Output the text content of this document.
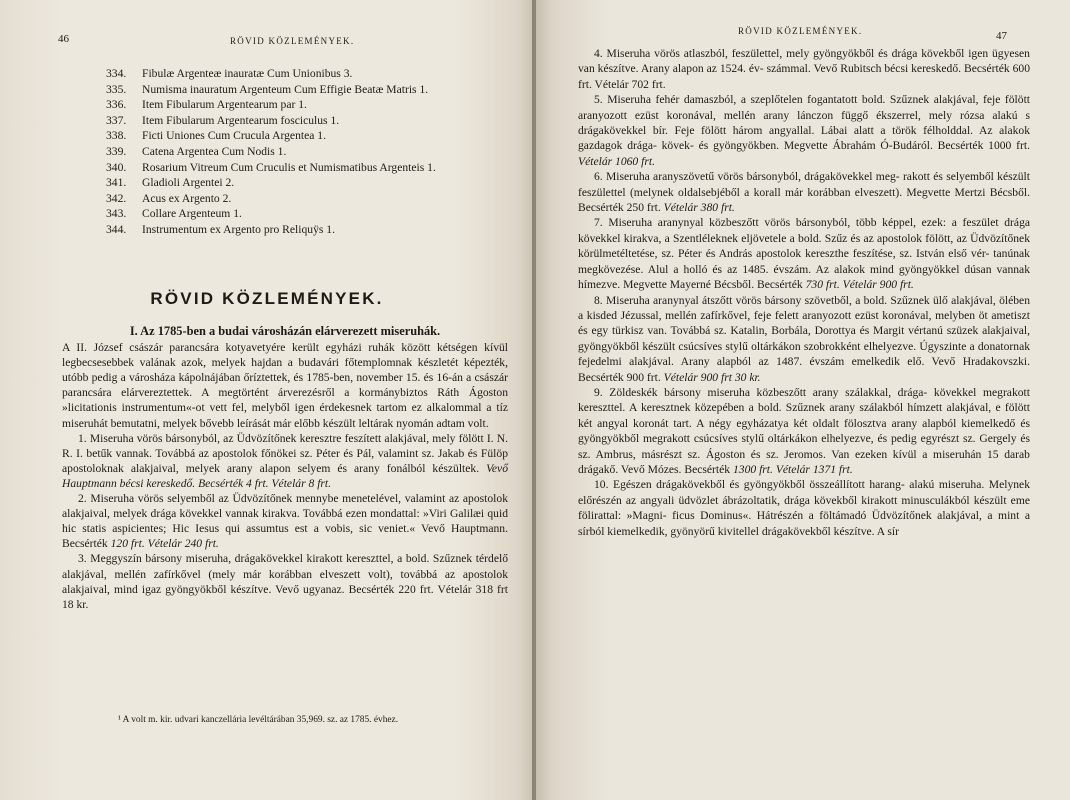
46	RÖVID KÖZLEMÉNYEK.
334. Fibulæ Argenteæ inauratæ Cum Unionibus 3.
335. Numisma inauratum Argenteum Cum Effigie Beatæ Matris 1.
336. Item Fibularum Argentearum par 1.
337. Item Fibularum Argentearum fosciculus 1.
338. Ficti Uniones Cum Crucula Argentea 1.
339. Catena Argentea Cum Nodis 1.
340. Rosarium Vitreum Cum Cruculis et Numismatibus Argenteis 1.
341. Gladioli Argentei 2.
342. Acus ex Argento 2.
343. Collare Argenteum 1.
344. Instrumentum ex Argento pro Reliquÿs 1.
RÖVID KÖZLEMÉNYEK.
I. Az 1785-ben a budai városházán elárverezett miseruhák.

A II. József császár parancsára kotyavetyére került egyházi ruhák között kétségen kívül legbecsesebbek valának azok, melyek hajdan a budavári főtemplomnak készletét képezték, utóbb pedig a városháza kápolnájában őríztettek, és 1785-ben, november 15. és 16-án a császár parancsára elárvereztettek. A megtörtént árverezésről a kormánybiztos Ráth Ágoston »licitationis instrumentum«-ot vett fel, melyből igen érdekesnek tartom ez alkalommal a tíz miseruhát bemutatni, melyek bővebb leírását már előbb készült leltárak nyomán adtam volt.

1. Miseruha vörös bársonyból, az Üdvözítőnek keresztre feszített alakjával, mely fölött I. N. R. I. betűk vannak. Továbbá az apostolok főnökei sz. Péter és Pál, valamint sz. Jakab és Fülöp apostoloknak alakjaival, melyek arany alapon selyem és arany fonálból készültek. Vevő Hauptmann bécsi kereskedő. Becsérték 4 frt. Vételár 8 frt.

2. Miseruha vörös selyemből az Üdvözítőnek mennybe menetelével, valamint az apostolok alakjaival, melyek drága kövekkel vannak kirakva. Továbbá ezen mondattal: »Viri Galilæi quid hic statis aspicientes; Hic Iesus qui assumtus est a vobis, sic veniet.« Vevő Hauptmann. Becsérték 120 frt. Vételár 240 frt.

3. Meggyszín bársony miseruha, drágakövekkel kirakott kereszttel, a bold. Szűznek térdelő alakjával, mellén zafírkővel (mely már korábban elveszett volt), továbbá az apostolok alakjaival, mind igaz gyöngyökből készítve. Vevő ugyanaz. Becsérték 220 frt. Vételár 318 frt 18 kr.

¹ A volt m. kir. udvari kanczellária levéltárában 35,969. sz. az 1785. évhez.
RÖVID KÖZLEMÉNYEK.	47

4. Miseruha vörös atlaszból, feszülettel, mely gyöngyökből és drága kövekből igen ügyesen van készítve. Arany alapon az 1524. év- számmal. Vevő Rubitsch bécsi kereskedő. Becsérték 600 frt. Vételár 702 frt.

5. Miseruha fehér damaszból, a szeplőtelen fogantatott bold. Szűznek alakjával, feje fölött aranyozott ezüst koronával, mellén arany lánczon függő ékszerrel, mely rózsa alakú s drágakövekkel bír. Feje fölött három angyallal. Lábai alatt a török félholddal. Az alakok gazdagok drága- kövek- és gyöngyökben. Megvette Ábrahám Ó-Budáról. Becsérték 1000 frt. Vételár 1060 frt.

6. Miseruha aranyszövetű vörös bársonyból, drágakövekkel meg- rakott és selyemből készült feszülettel (melynek oldalsebjéből a korall már korábban elveszett). Megvette Mertzi Bécsből. Becsérték 250 frt. Vételár 380 frt.

7. Miseruha aranynyal közbeszőtt vörös bársonyból, több képpel, ezek: a feszület drága kövekkel kirakva, a Szentléleknek eljövetele a bold. Szűz és az apostolok fölött, az Üdvözítőnek körülmetéltetése, sz. Péter és András apostolok kereszthe feszítése, sz. István első vér- tanúnak megkövezése. Alul a holló és az 1485. évszám. Az alakok mind gyöngyökkel dúsan vannak hímezve. Megvette Mayerné Bécsből. Becsérték 730 frt. Vételár 900 frt.

8. Miseruha aranynyal átszőtt vörös bársony szövetből, a bold. Szűznek ülő alakjával, ölében a kisded Jézussal, mellén zafírkővel, feje felett aranyozott ezüst koronával, melyben öt ametiszt és egy türkisz van. Továbbá sz. Katalin, Borbála, Dorottya és Margit vértanú szüzek alakjaival, gyöngyökből készült csúcsíves stylű oltárkákon szobrokként elhelyezve. Úgyszinte a donatornak fejedelmi alakjával. Arany alapból az 1487. évszám emelkedik elő. Vevő Hradakovszki. Becsérték 900 frt. Vételár 900 frt 30 kr.

9. Zöldeskék bársony miseruha közbeszőtt arany szálakkal, drága- kövekkel megrakott kereszttel. A keresztnek közepében a bold. Szűznek arany szálakból hímzett alakjával, e fölött két angyal koronát tart. A négy egyházatya két oldalt fölosztva arany alapból kiemelkedő és gyöngyökből megrakott csúcsíves stylű oltárkákon elhelyezve, és pedig egyrészt sz. Gergely és sz. Ambrus, másrészt sz. Ágoston és sz. Jeromos. Van ezeken kívül a miseruhán 15 darab drágakő. Vevő Mózes. Becsérték 1300 frt. Vételár 1371 frt.

10. Egészen drágakövekből és gyöngyökből összeállított harang- alakú miseruha. Melynek előrészén az angyali üdvözlet ábrázoltatik, drága kövekből kirakott minusculákból készült eme fölirattal: »Magni- ficus Dominus«. Hátrészén a föltámadó Üdvözítőnek alakjával, a mint a sírból kiemelkedik, gyönyörű kivitellel drágakövekből készítve. A sír
